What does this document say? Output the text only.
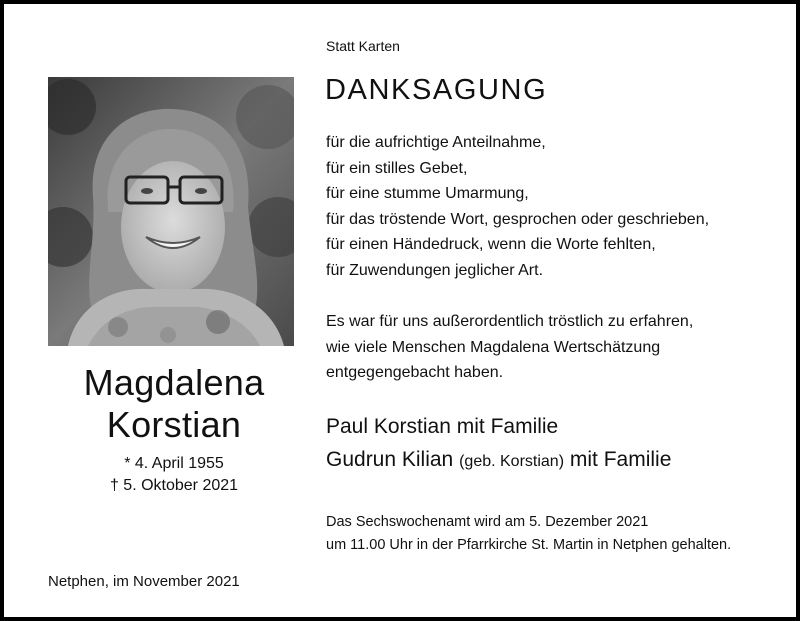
Statt Karten
Magdalena
Korstian
* 4. April 1955
† 5. Oktober 2021
Netphen, im November 2021
DANKSAGUNG
für die aufrichtige Anteilnahme,
für ein stilles Gebet,
für eine stumme Umarmung,
für das tröstende Wort, gesprochen oder geschrieben,
für einen Händedruck, wenn die Worte fehlten,
für Zuwendungen jeglicher Art.
Es war für uns außerordentlich tröstlich zu erfahren,
wie viele Menschen Magdalena Wertschätzung
entgegengebacht haben.
Paul Korstian mit Familie
Gudrun Kilian (geb. Korstian) mit Familie
Das Sechswochenamt wird am 5. Dezember 2021
um 11.00 Uhr in der Pfarrkirche St. Martin in Netphen gehalten.
